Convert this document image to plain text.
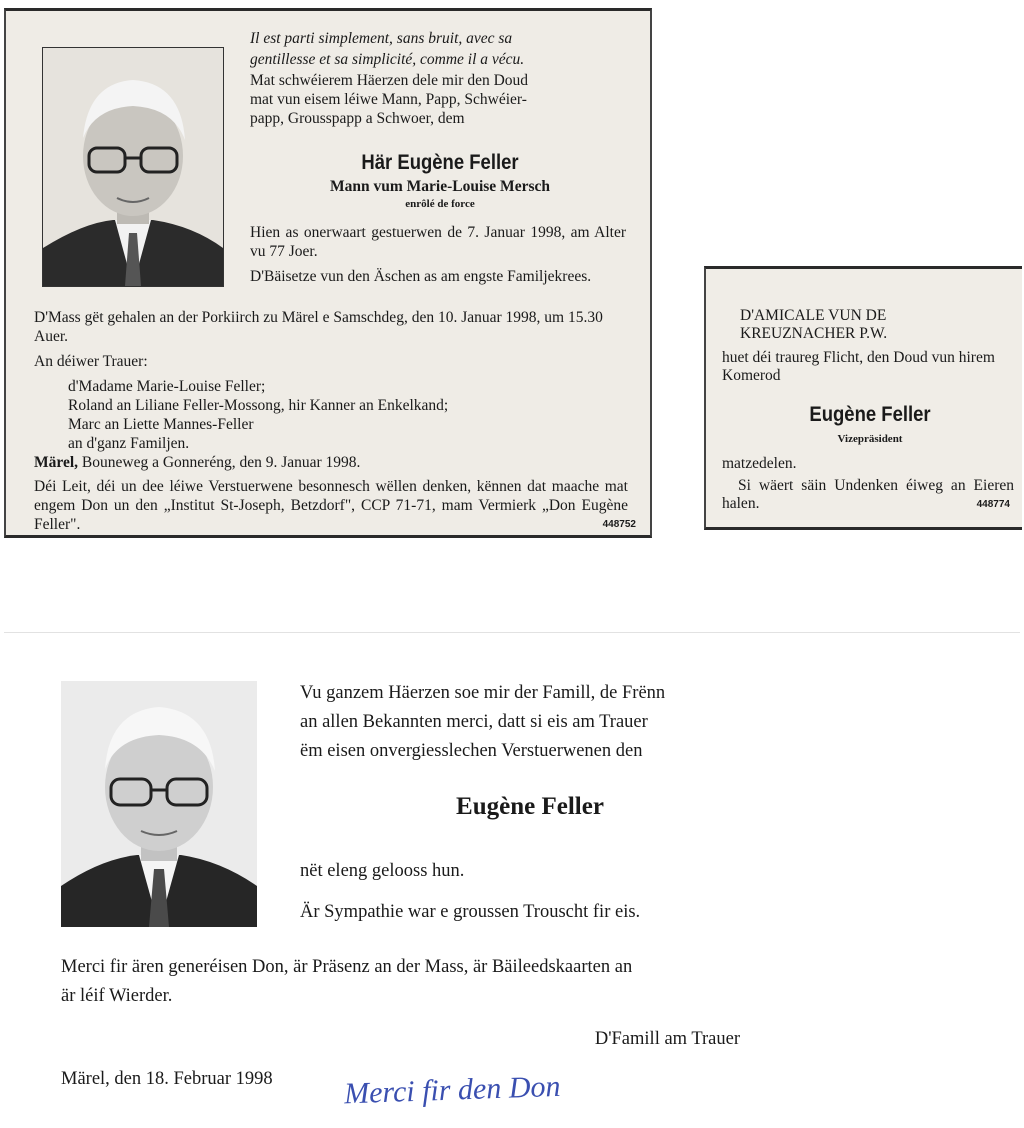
Il est parti simplement, sans bruit, avec sa

gentillesse et sa simplicité, comme il a vécu.

Mat schwéierem Häerzen dele mir den Doud

mat vun eisem léiwe Mann, Papp, Schwéier-

papp, Grousspapp a Schwoer, dem

Här Eugène Feller
Mann vum Marie-Louise Mersch
enrôlé de force

Hien as onerwaart gestuerwen de 7. Januar 1998, am Alter vu 77 Joer.

D'Bäisetze vun den Äschen as am engste Familjekrees.

D'Mass gët gehalen an der Porkiirch zu Märel e Samschdeg, den 10. Januar 1998, um 15.30 Auer.
An déiwer Trauer:
d'Madame Marie-Louise Feller;
Roland an Liliane Feller-Mossong, hir Kanner an Enkelkand;
Marc an Liette Mannes-Feller
an d'ganz Familjen.
Märel, Bouneweg a Gonneréng, den 9. Januar 1998.
Déi Leit, déi un dee léiwe Verstuerwene besonnesch wëllen denken, kënnen dat maache mat engem Don un den „Institut St-Joseph, Betzdorf", CCP 71-71, mam Vermierk „Don Eugène Feller".	448752
D'AMICALE VUN DE
KREUZNACHER P.W.
huet déi traureg Flicht, den Doud vun hirem Komerod
Eugène Feller
Vizepräsident
matzedelen.
Si wäert säin Undenken éiweg an Eieren halen.	448774
Vu ganzem Häerzen soe mir der Famill, de Frënn
an allen Bekannten merci, datt si eis am Trauer
ëm eisen onvergiesslechen Verstuerwenen den
Eugène Feller

nët eleng gelooss hun.

Är Sympathie war e groussen Trouscht fir eis.

Merci fir ären generéisen Don, är Präsenz an der Mass, är Bäileedskaarten an
är léif Wierder.
D'Famill am Trauer
Märel, den 18. Februar 1998 Merci fir den Don
